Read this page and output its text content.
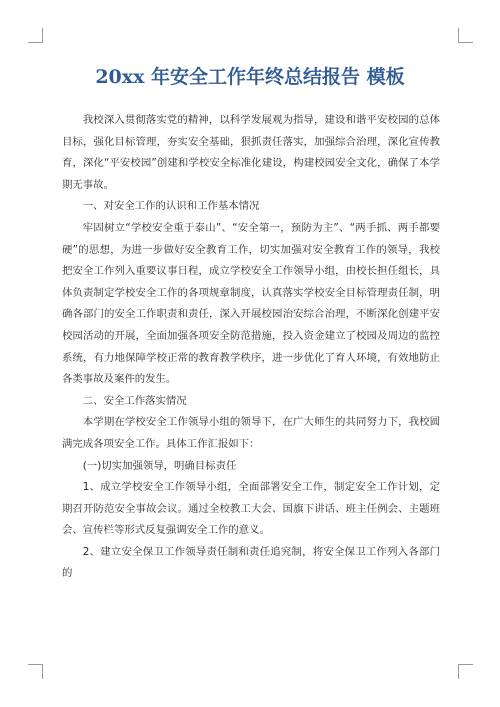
20xx 年安全工作年终总结报告 模板

我校深入贯彻落实党的精神，以科学发展观为指导，建设和谐平安校园的总体目标，强化目标管理，夯实安全基础，狠抓责任落实，加强综合治理，深化宣传教育，深化“平安校园”创建和学校安全标准化建设，构建校园安全文化，确保了本学期无事故。

一、对安全工作的认识和工作基本情况

牢固树立“学校安全重于泰山”、“安全第一，预防为主”、“两手抓、两手都要硬”的思想，为进一步做好安全教育工作，切实加强对安全教育工作的领导，我校把安全工作列入重要议事日程，成立学校安全工作领导小组，由校长担任组长，具体负责制定学校安全工作的各项规章制度，认真落实学校安全目标管理责任制，明确各部门的安全工作职责和责任，深入开展校园治安综合治理，不断深化创建平安校园活动的开展，全面加强各项安全防范措施，投入资金建立了校园及周边的监控系统，有力地保障学校正常的教育教学秩序，进一步优化了育人环境，有效地防止各类事故及案件的发生。

二、安全工作落实情况

本学期在学校安全工作领导小组的领导下，在广大师生的共同努力下，我校圆满完成各项安全工作。具体工作汇报如下：

(一)切实加强领导，明确目标责任

1、成立学校安全工作领导小组，全面部署安全工作，制定安全工作计划，定期召开防范安全事故会议。通过全校教工大会、国旗下讲话、班主任例会、主题班会、宣传栏等形式反复强调安全工作的意义。

2、建立安全保卫工作领导责任制和责任追究制，将安全保卫工作列入各部门的
